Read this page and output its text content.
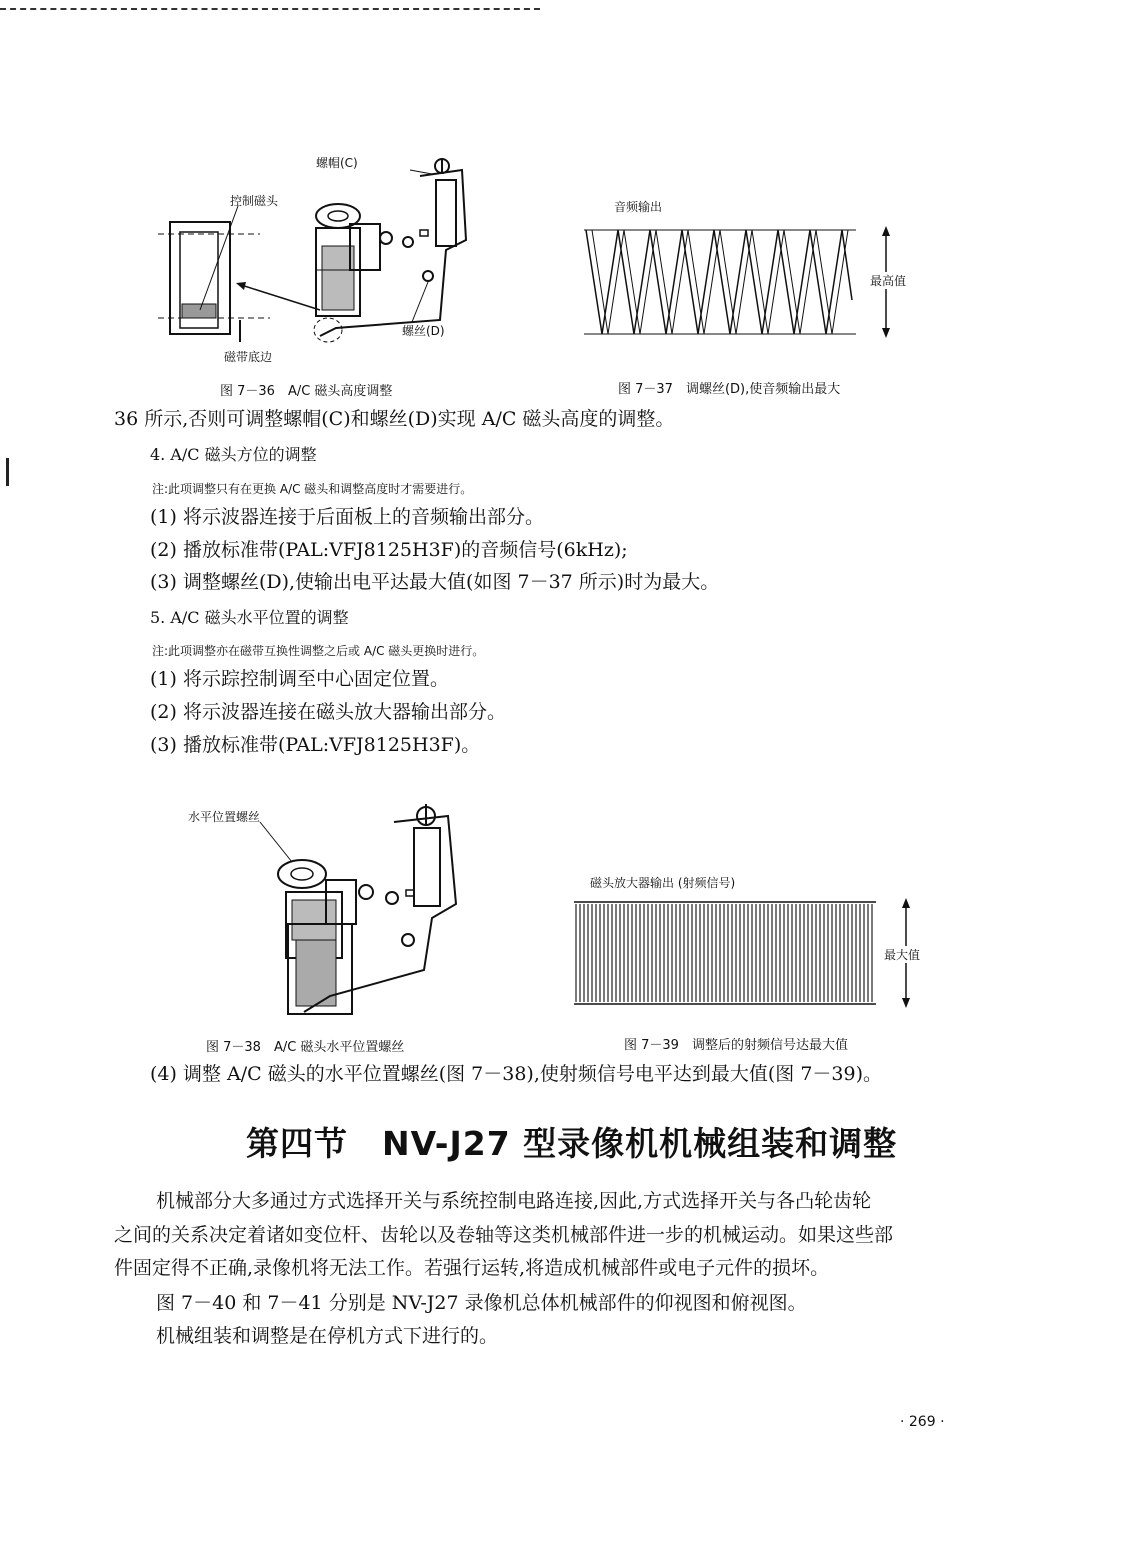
螺帽(C)
控制磁头
磁带底边
螺丝(D)
图 7－36　A/C 磁头高度调整
音频输出
最高值
图 7－37　调螺丝(D),使音频输出最大
36 所示,否则可调整螺帽(C)和螺丝(D)实现 A/C 磁头高度的调整。
4. A/C 磁头方位的调整
注:此项调整只有在更换 A/C 磁头和调整高度时才需要进行。
(1) 将示波器连接于后面板上的音频输出部分。
(2) 播放标准带(PAL:VFJ8125H3F)的音频信号(6kHz);
(3) 调整螺丝(D),使输出电平达最大值(如图 7－37 所示)时为最大。
5. A/C 磁头水平位置的调整
注:此项调整亦在磁带互换性调整之后或 A/C 磁头更换时进行。
(1) 将示踪控制调至中心固定位置。
(2) 将示波器连接在磁头放大器输出部分。
(3) 播放标准带(PAL:VFJ8125H3F)。
水平位置螺丝
图 7－38　A/C 磁头水平位置螺丝
磁头放大器输出 (射频信号)
最大值
图 7－39　调整后的射频信号达最大值
(4) 调整 A/C 磁头的水平位置螺丝(图 7－38),使射频信号电平达到最大值(图 7－39)。
第四节　NV-J27 型录像机机械组装和调整
机械部分大多通过方式选择开关与系统控制电路连接,因此,方式选择开关与各凸轮齿轮
之间的关系决定着诸如变位杆、齿轮以及卷轴等这类机械部件进一步的机械运动。如果这些部
件固定得不正确,录像机将无法工作。若强行运转,将造成机械部件或电子元件的损坏。
图 7－40 和 7－41 分别是 NV-J27 录像机总体机械部件的仰视图和俯视图。
机械组装和调整是在停机方式下进行的。
· 269 ·
